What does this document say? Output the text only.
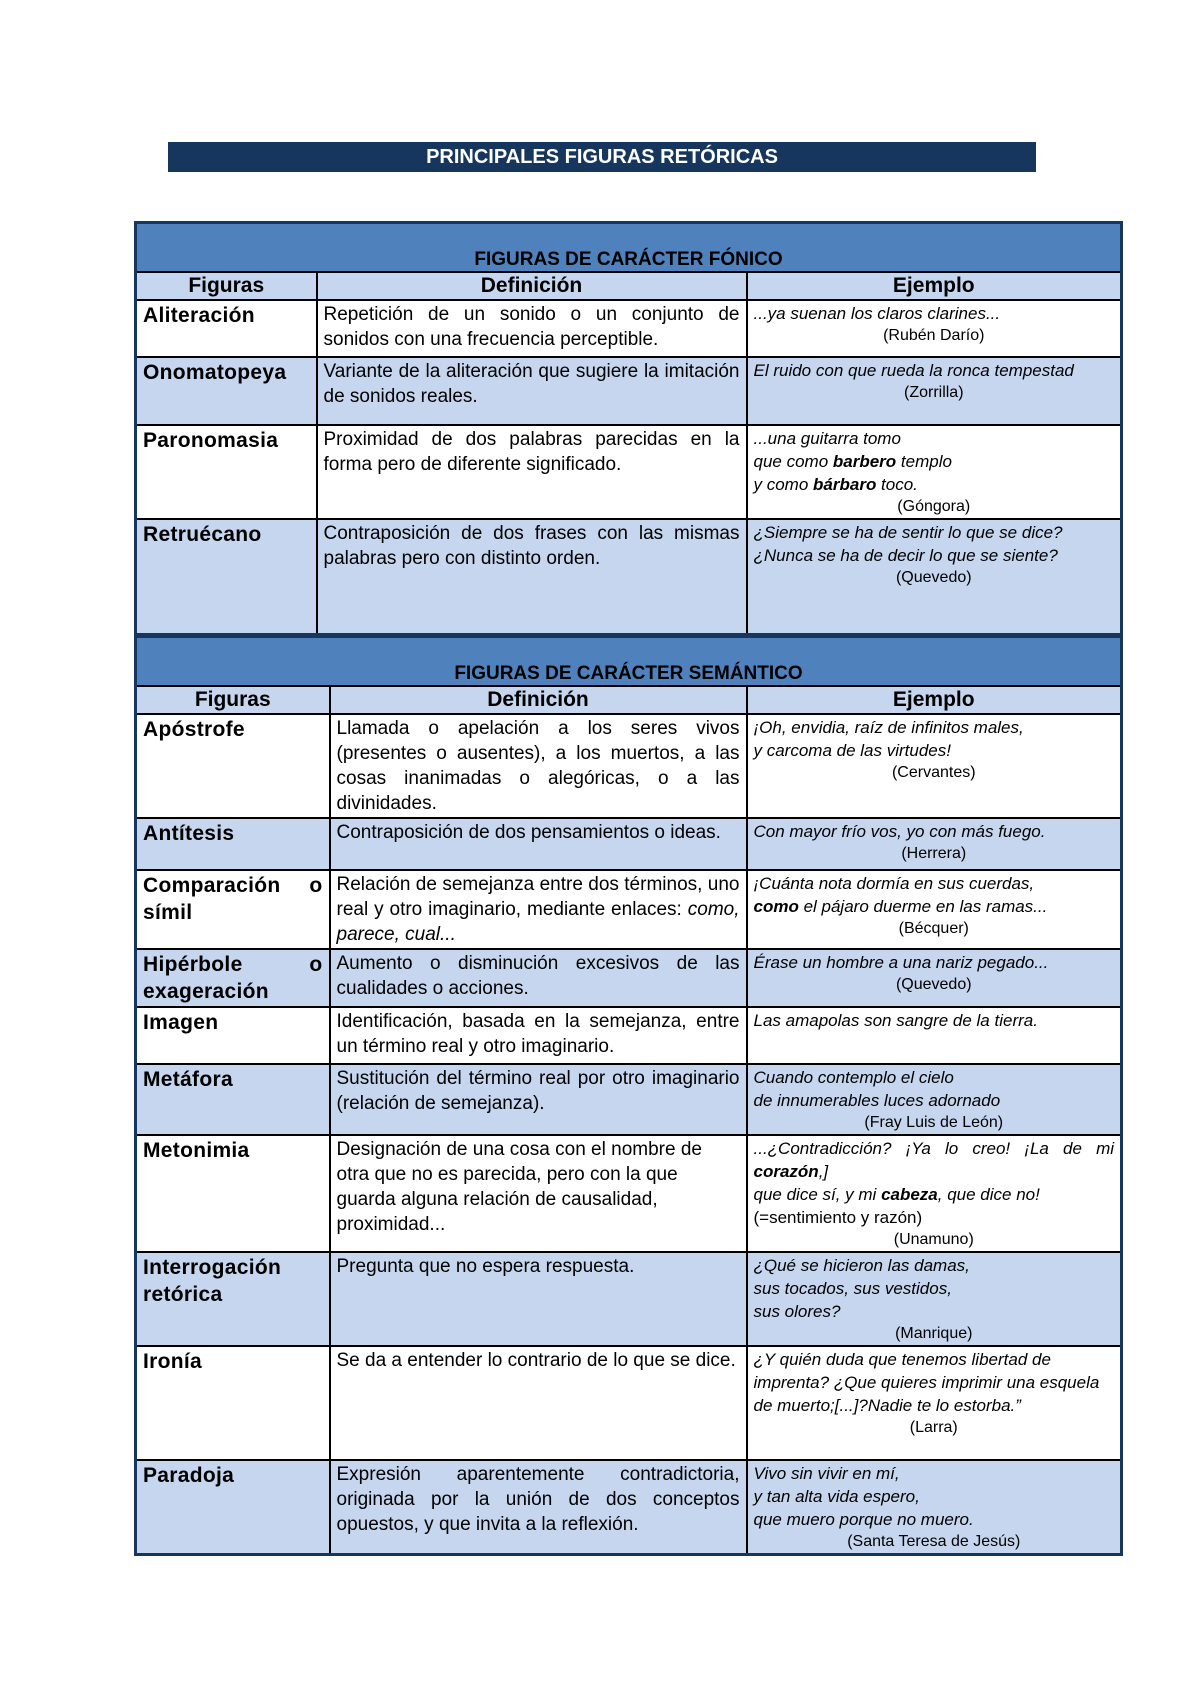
PRINCIPALES FIGURAS RETÓRICAS
FIGURAS DE CARÁCTER FÓNICO		
Figuras	Definición	Ejemplo
Aliteración	Repetición de un sonido o un conjunto de sonidos con una frecuencia perceptible.	...ya suenan los claros clarines...
(Rubén Darío)

Onomatopeya	Variante de la aliteración que sugiere la imitación de sonidos reales.	El ruido con que rueda la ronca tempestad
(Zorrilla)

Paronomasia	Proximidad de dos palabras parecidas en la forma pero de diferente significado.	...una guitarra tomo
que como barbero templo
y como bárbaro toco.
(Góngora)

Retruécano	Contraposición de dos frases con las mismas palabras pero con distinto orden.	¿Siempre se ha de sentir lo que se dice?
¿Nunca se ha de decir lo que se siente?
(Quevedo)
FIGURAS DE CARÁCTER SEMÁNTICO		
Figuras	Definición	Ejemplo
Apóstrofe	Llamada o apelación a los seres vivos (presentes o ausentes), a los muertos, a las cosas inanimadas o alegóricas, o a las divinidades.	¡Oh, envidia, raíz de infinitos males,
y carcoma de las virtudes!
(Cervantes)

Antítesis	Contraposición de dos pensamientos o ideas.	Con mayor frío vos, yo con más fuego.
(Herrera)

Comparación o símil	Relación de semejanza entre dos términos, uno real y otro imaginario, mediante enlaces: como, parece, cual...	¡Cuánta nota dormía en sus cuerdas,
como el pájaro duerme en las ramas...
(Bécquer)

Hipérbole o exageración	Aumento o disminución excesivos de las cualidades o acciones.	Érase un hombre a una nariz pegado...
(Quevedo)

Imagen	Identificación, basada en la semejanza, entre un término real y otro imaginario.	Las amapolas son sangre de la tierra.

Metáfora	Sustitución del término real por otro imaginario (relación de semejanza).	Cuando contemplo el cielo
de innumerables luces adornado
(Fray Luis de León)

Metonimia	Designación de una cosa con el nombre de otra que no es parecida, pero con la que guarda alguna relación de causalidad, proximidad...	...¿Contradicción? ¡Ya lo creo! ¡La de mi corazón,]
que dice sí, y mi cabeza, que dice no!
(=sentimiento y razón)
(Unamuno)

Interrogación retórica	Pregunta que no espera respuesta.	¿Qué se hicieron las damas,
sus tocados, sus vestidos,
sus olores?
(Manrique)

Ironía	Se da a entender lo contrario de lo que se dice.	¿Y quién duda que tenemos libertad de imprenta? ¿Que quieres imprimir una esquela de muerto;[...]?Nadie te lo estorba.”
(Larra)

Paradoja	Expresión aparentemente contradictoria, originada por la unión de dos conceptos opuestos, y que invita a la reflexión.	Vivo sin vivir en mí,
y tan alta vida espero,
que muero porque no muero.
(Santa Teresa de Jesús)
